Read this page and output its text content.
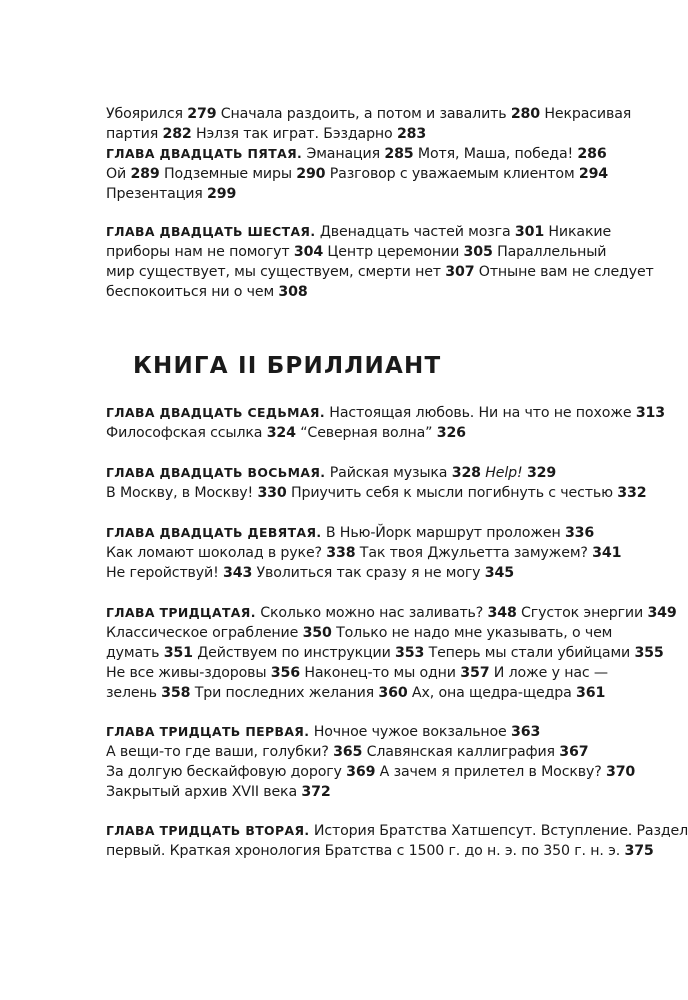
Убоярился 279 Сначала раздоить, а потом и завалить 280 Некрасивая
партия 282 Нэлзя так играт. Бэздарно 283
ГЛАВА ДВАДЦАТЬ ПЯТАЯ. Эманация 285 Мотя, Маша, победа! 286
Ой 289 Подземные миры 290 Разговор с уважаемым клиентом 294
Презентация 299
ГЛАВА ДВАДЦАТЬ ШЕСТАЯ. Двенадцать частей мозга 301 Никакие
приборы нам не помогут 304 Центр церемонии 305 Параллельный
мир существует, мы существуем, смерти нет 307 Отныне вам не следует
беспокоиться ни о чем 308
КНИГА II БРИЛЛИАНТ
ГЛАВА ДВАДЦАТЬ СЕДЬМАЯ. Настоящая любовь. Ни на что не похоже 313
Философская ссылка 324 “Северная волна” 326
ГЛАВА ДВАДЦАТЬ ВОСЬМАЯ. Райская музыка 328 Help! 329
В Москву, в Москву! 330 Приучить себя к мысли погибнуть с честью 332
ГЛАВА ДВАДЦАТЬ ДЕВЯТАЯ. В Нью-Йорк маршрут проложен 336
Как ломают шоколад в руке? 338 Так твоя Джульетта замужем? 341
Не геройствуй! 343 Уволиться так сразу я не могу 345
ГЛАВА ТРИДЦАТАЯ. Сколько можно нас заливать? 348 Сгусток энергии 349
Классическое ограбление 350 Только не надо мне указывать, о чем
думать 351 Действуем по инструкции 353 Теперь мы стали убийцами 355
Не все живы-здоровы 356 Наконец-то мы одни 357 И ложе у нас —
зелень 358 Три последних желания 360 Ах, она щедра-щедра 361
ГЛАВА ТРИДЦАТЬ ПЕРВАЯ. Ночное чужое вокзальное 363
А вещи-то где ваши, голубки? 365 Славянская каллиграфия 367
За долгую бескайфовую дорогу 369 А зачем я прилетел в Москву? 370
Закрытый архив XVII века 372
ГЛАВА ТРИДЦАТЬ ВТОРАЯ. История Братства Хатшепсут. Вступление. Раздел
первый. Краткая хронология Братства с 1500 г. до н. э. по 350 г. н. э. 375
